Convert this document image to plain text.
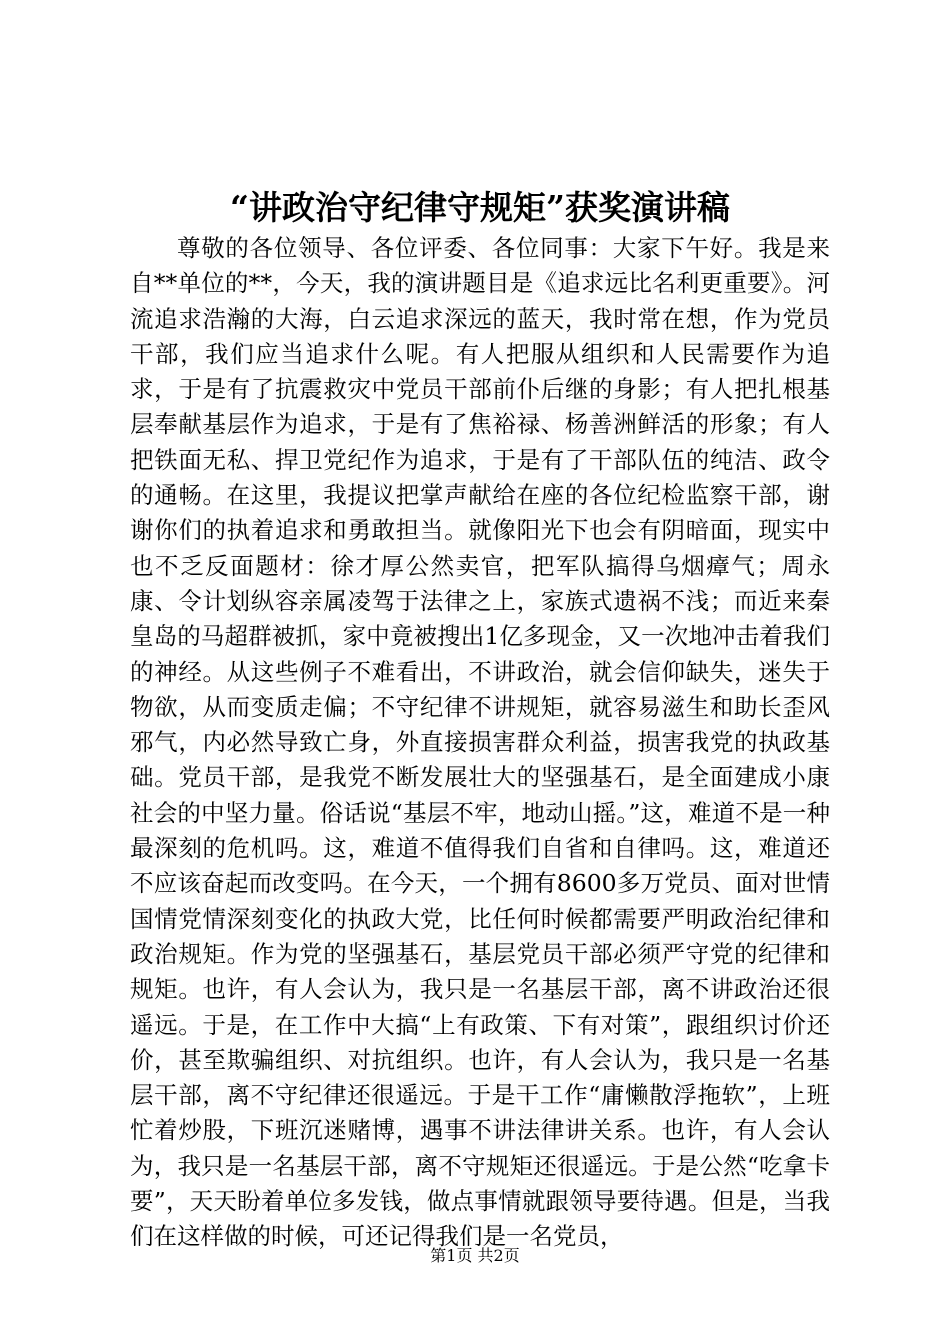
“讲政治守纪律守规矩”获奖演讲稿

尊敬的各位领导、各位评委、各位同事：大家下午好。我是来自**单位的**，今天，我的演讲题目是《追求远比名利更重要》。河流追求浩瀚的大海，白云追求深远的蓝天，我时常在想，作为党员干部，我们应当追求什么呢。有人把服从组织和人民需要作为追求，于是有了抗震救灾中党员干部前仆后继的身影；有人把扎根基层奉献基层作为追求，于是有了焦裕禄、杨善洲鲜活的形象；有人把铁面无私、捍卫党纪作为追求，于是有了干部队伍的纯洁、政令的通畅。在这里，我提议把掌声献给在座的各位纪检监察干部，谢谢你们的执着追求和勇敢担当。就像阳光下也会有阴暗面，现实中也不乏反面题材：徐才厚公然卖官，把军队搞得乌烟瘴气；周永康、令计划纵容亲属凌驾于法律之上，家族式遗祸不浅；而近来秦皇岛的马超群被抓，家中竟被搜出1亿多现金，又一次地冲击着我们的神经。从这些例子不难看出，不讲政治，就会信仰缺失，迷失于物欲，从而变质走偏；不守纪律不讲规矩，就容易滋生和助长歪风邪气，内必然导致亡身，外直接损害群众利益，损害我党的执政基础。党员干部，是我党不断发展壮大的坚强基石，是全面建成小康社会的中坚力量。俗话说“基层不牢，地动山摇。”这，难道不是一种最深刻的危机吗。这，难道不值得我们自省和自律吗。这，难道还不应该奋起而改变吗。在今天，一个拥有8600多万党员、面对世情国情党情深刻变化的执政大党，比任何时候都需要严明政治纪律和政治规矩。作为党的坚强基石，基层党员干部必须严守党的纪律和规矩。也许，有人会认为，我只是一名基层干部，离不讲政治还很遥远。于是，在工作中大搞“上有政策、下有对策”，跟组织讨价还价，甚至欺骗组织、对抗组织。也许，有人会认为，我只是一名基层干部，离不守纪律还很遥远。于是干工作“庸懒散浮拖软”，上班忙着炒股，下班沉迷赌博，遇事不讲法律讲关系。也许，有人会认为，我只是一名基层干部，离不守规矩还很遥远。于是公然“吃拿卡要”，天天盼着单位多发钱，做点事情就跟领导要待遇。但是，当我们在这样做的时候，可还记得我们是一名党员，

第1页 共2页
